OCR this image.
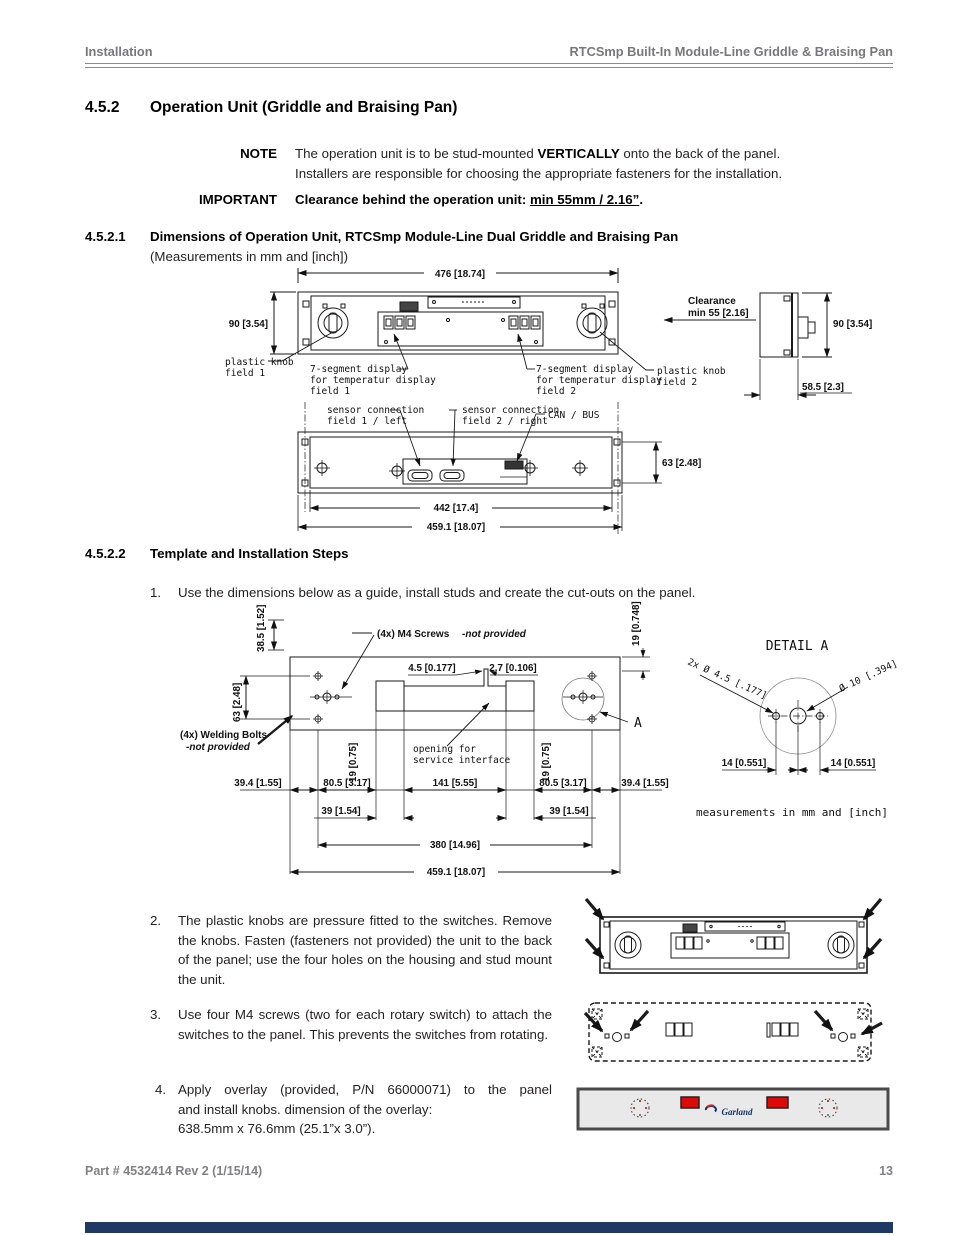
Installation	RTCSmp Built-In Module-Line Griddle & Braising Pan
4.5.2 Operation Unit (Griddle and Braising Pan)
NOTE The operation unit is to be stud-mounted VERTICALLY onto the back of the panel.
Installers are responsible for choosing the appropriate fasteners for the installation.
IMPORTANT Clearance behind the operation unit: min 55mm / 2.16”.
4.5.2.1 Dimensions of Operation Unit, RTCSmp Module-Line Dual Griddle and Braising Pan
(Measurements in mm and [inch])
4.5.2.2 Template and Installation Steps
1.	Use the dimensions below as a guide, install studs and create the cut-outs on the panel.
2.	The plastic knobs are pressure fitted to the switches. Remove the knobs. Fasten (fasteners not provided) the unit to the back of the panel; use the four holes on the housing and stud mount the unit.
3.	Use four M4 screws (two for each rotary switch) to attach the switches to the panel. This prevents the switches from rotating.
4. Apply overlay (provided, P/N 66000071) to the panel
and install knobs. dimension of the overlay:
638.5mm x 76.6mm (25.1”x 3.0”).
Part # 4532414 Rev 2 (1/15/14)	13
476 [18.74]
90 [3.54]
plastic knob
field 1	7-segment display
for temperatur display
field 1
7-segment display
for temperatur display
field 2
plastic knob
field 2
Clearance
min 55 [2.16]
90 [3.54]
58.5 [2.3]
sensor connection
field 1 / left
sensor connection
field 2 / right
CAN / BUS
63 [2.48]
442 [17.4]
459.1 [18.07]
A
4.5 [0.177]	2.7 [0.106]
19 [0.748]
38.5 [1.52]
63 [2.48]
(4x) M4 Screws -not provided
(4x) Welding Bolts
-not provided	opening for
service interface
19 [0.75]	19 [0.75]
39.4 [1.55]	80.5 [3.17]	141 [5.55]	80.5 [3.17]	39.4 [1.55]
39 [1.54]	39 [1.54]
380 [14.96]
459.1 [18.07]
DETAIL A
2x Ø 4.5 [.177]	Ø 10 [.394]
14 [0.551]	14 [0.551]
measurements in mm and [inch]
Garland
